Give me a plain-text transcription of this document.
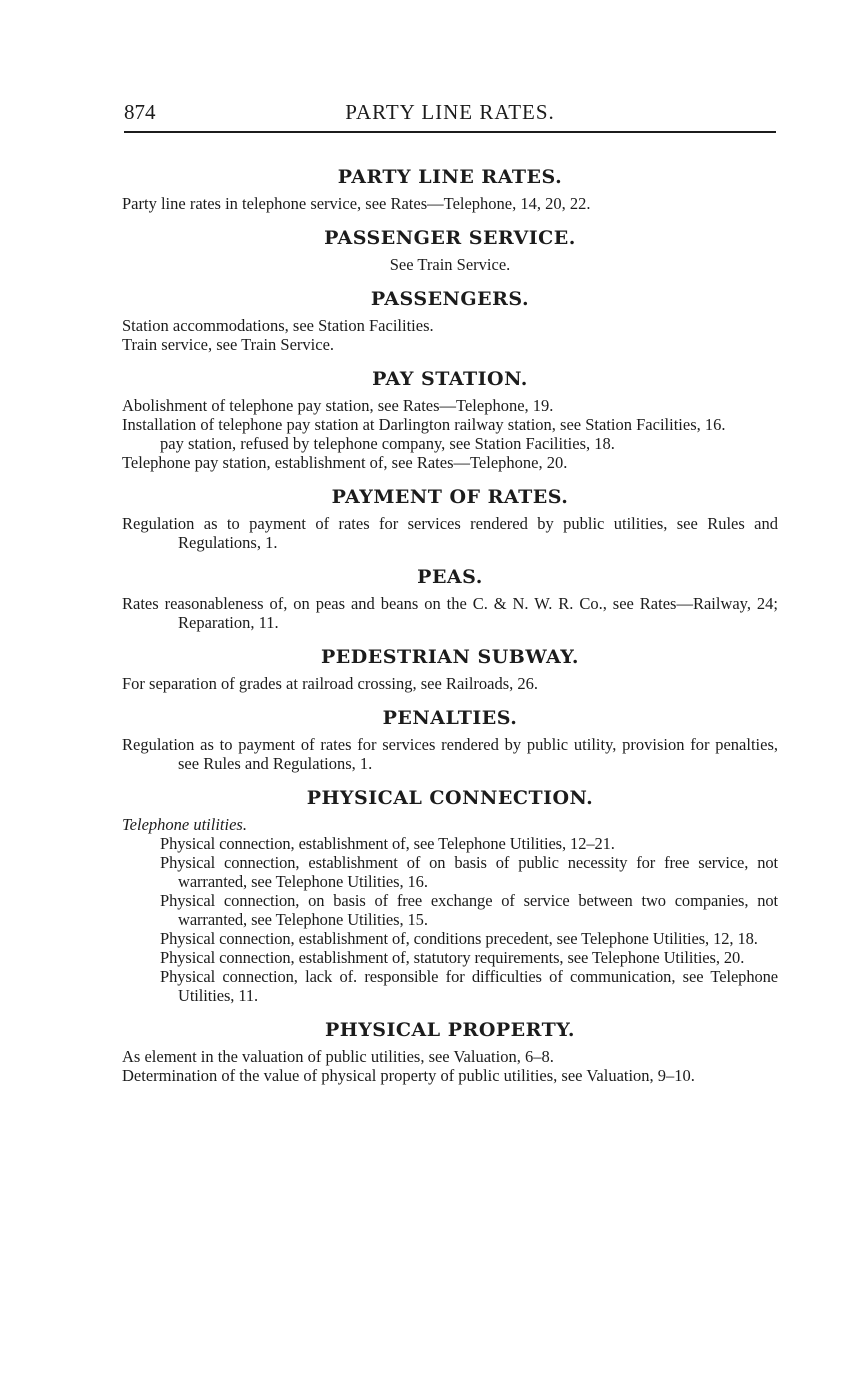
874	PARTY LINE RATES.
PARTY LINE RATES.

Party line rates in telephone service, see Rates—Telephone, 14, 20, 22.

PASSENGER SERVICE.

See Train Service.

PASSENGERS.

Station accommodations, see Station Facilities.

Train service, see Train Service.

PAY STATION.

Abolishment of telephone pay station, see Rates—Telephone, 19.

Installation of telephone pay station at Darlington railway station, see Station Facilities, 16.

pay station, refused by telephone company, see Station Facilities, 18.

Telephone pay station, establishment of, see Rates—Telephone, 20.

PAYMENT OF RATES.

Regulation as to payment of rates for services rendered by public utilities, see Rules and Regulations, 1.

PEAS.

Rates reasonableness of, on peas and beans on the C. & N. W. R. Co., see Rates—Railway, 24; Reparation, 11.

PEDESTRIAN SUBWAY.

For separation of grades at railroad crossing, see Railroads, 26.

PENALTIES.

Regulation as to payment of rates for services rendered by public utility, provision for penalties, see Rules and Regulations, 1.

PHYSICAL CONNECTION.

Telephone utilities.

Physical connection, establishment of, see Telephone Utilities, 12–21.

Physical connection, establishment of on basis of public necessity for free service, not warranted, see Telephone Utilities, 16.

Physical connection, on basis of free exchange of service between two companies, not warranted, see Telephone Utilities, 15.

Physical connection, establishment of, conditions precedent, see Telephone Utilities, 12, 18.

Physical connection, establishment of, statutory requirements, see Telephone Utilities, 20.

Physical connection, lack of. responsible for difficulties of communication, see Telephone Utilities, 11.

PHYSICAL PROPERTY.

As element in the valuation of public utilities, see Valuation, 6–8.

Determination of the value of physical property of public utilities, see Valuation, 9–10.
